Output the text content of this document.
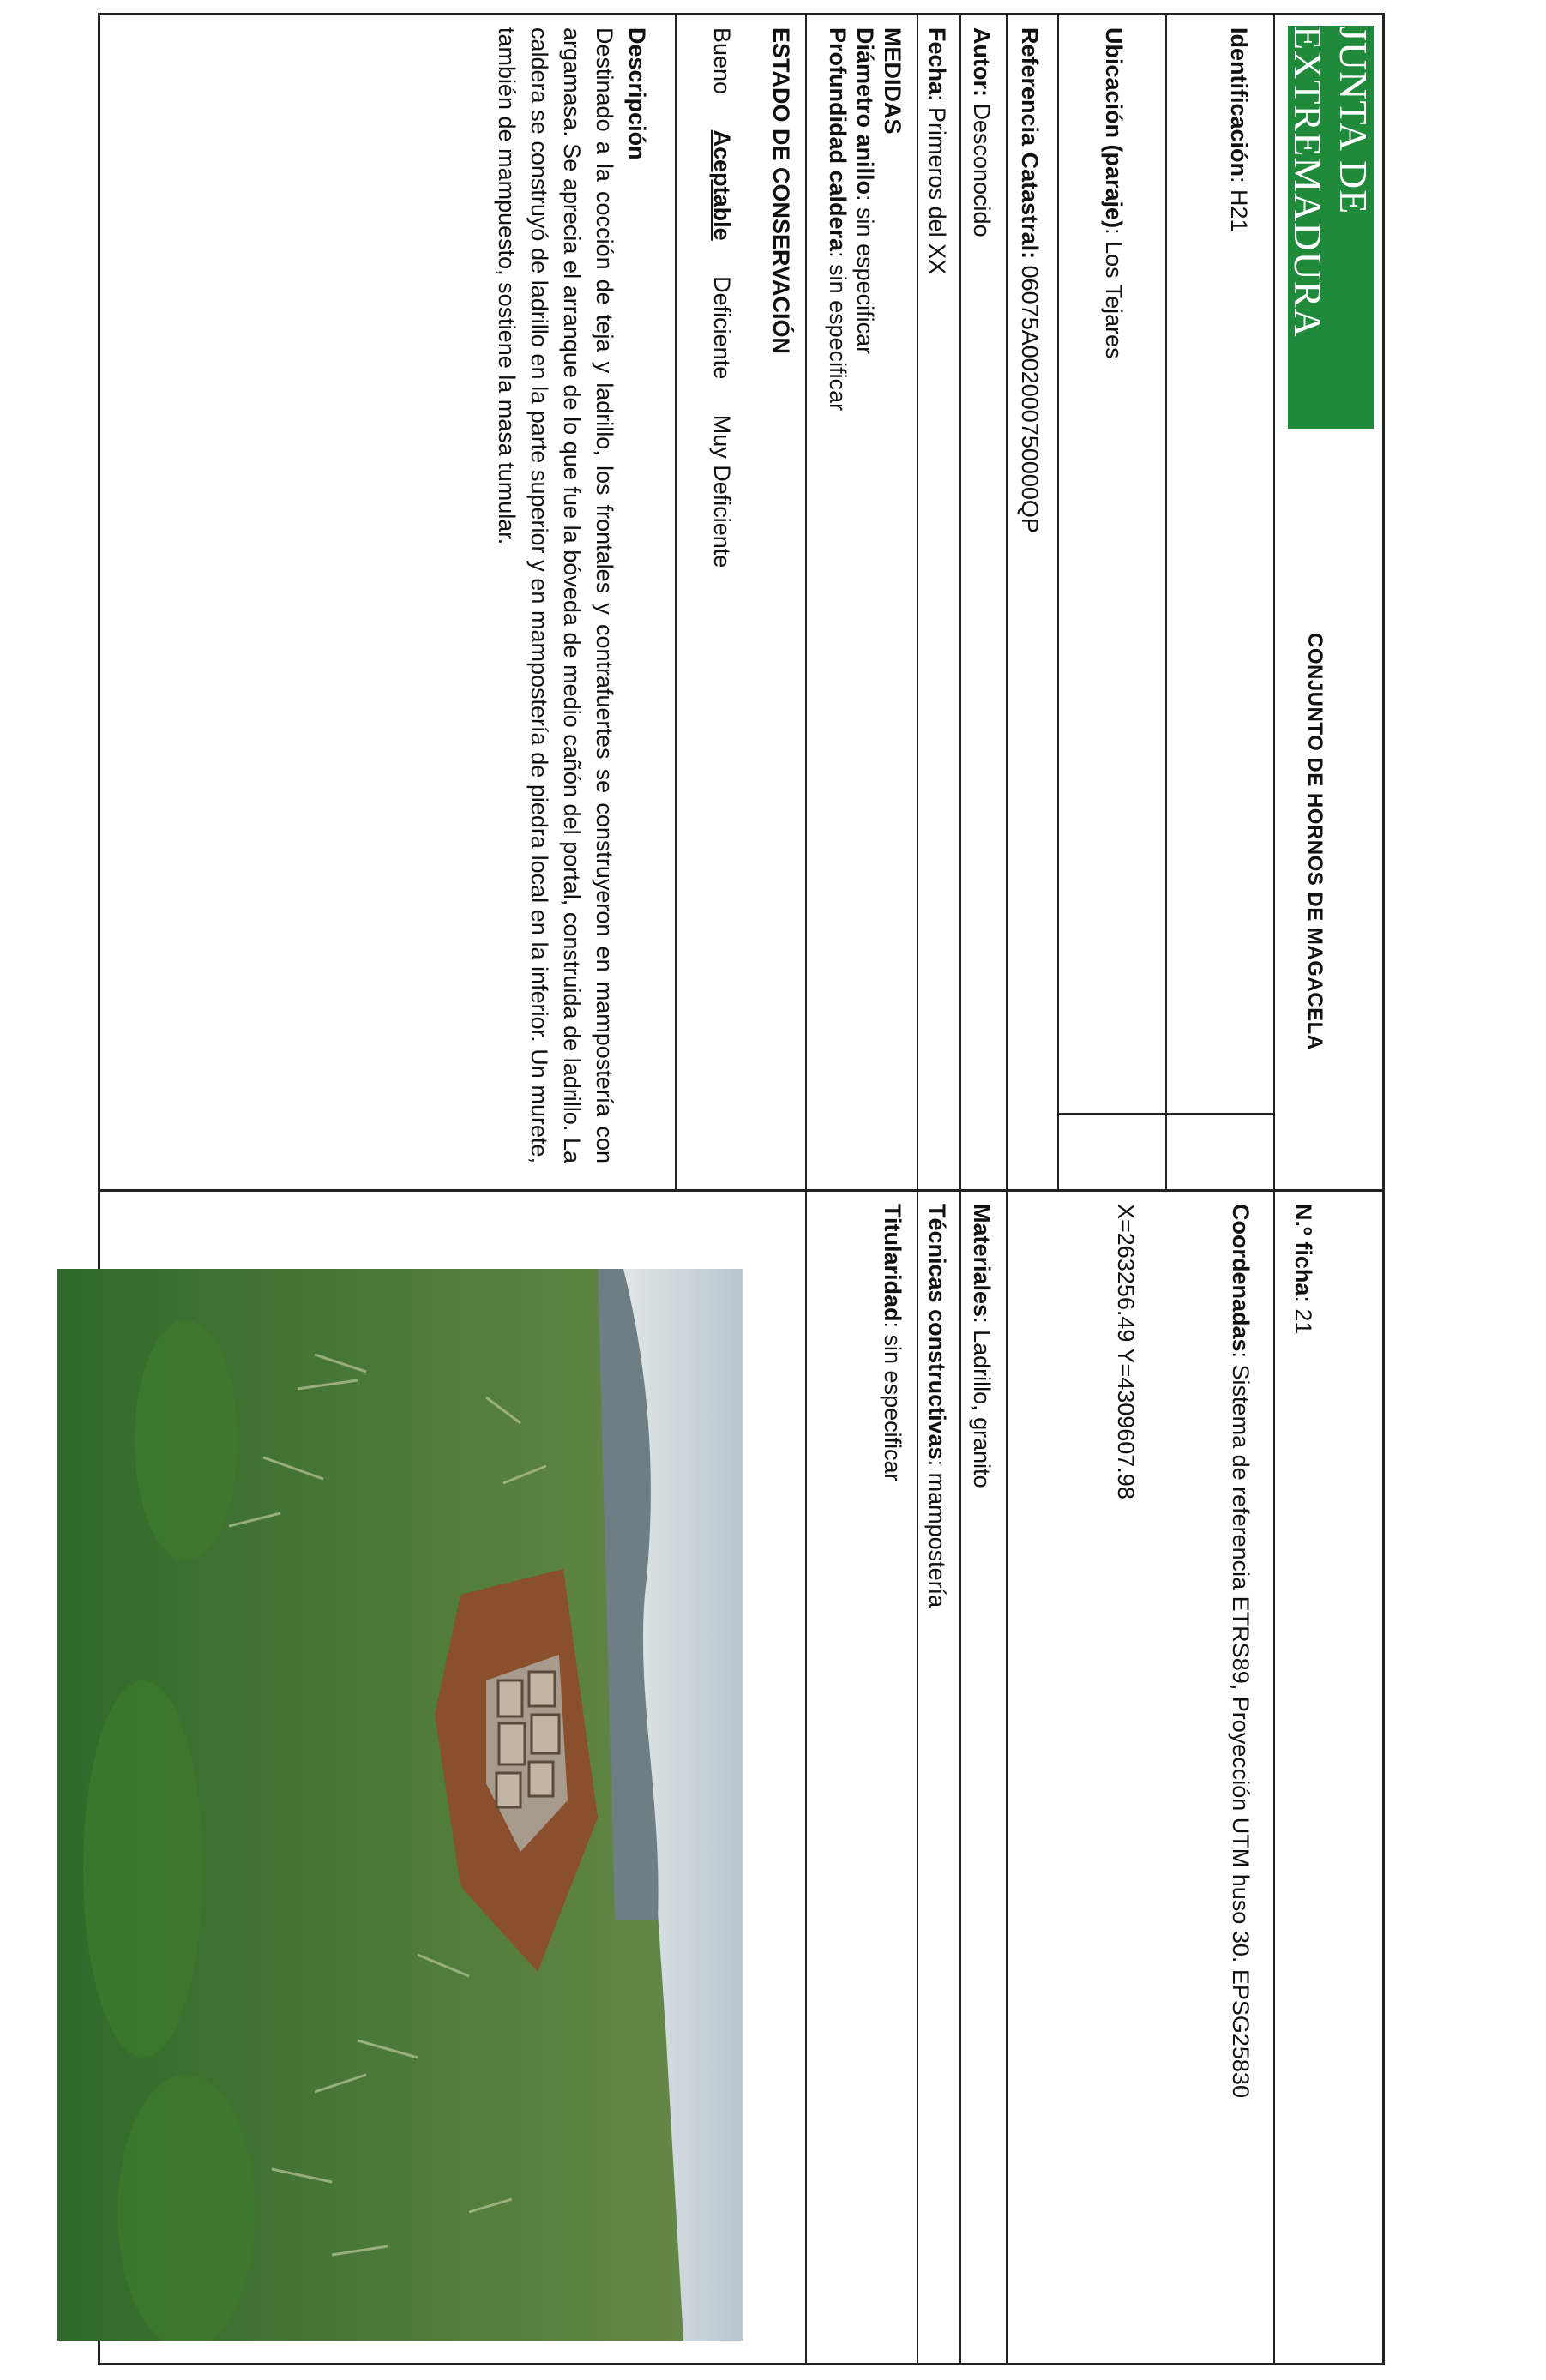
JUNTA DE EXTREMADURA
CONJUNTO DE HORNOS DE MAGACELA
Identificación: H21
Ubicación (paraje): Los Tejares
Referencia Catastral: 06075A002000750000QP
Autor: Desconocido
Fecha: Primeros del XX
MEDIDAS
Diámetro anillo: sin especificar
Profundidad caldera: sin especificar
ESTADO DE CONSERVACIÓN
Bueno Aceptable Deficiente Muy Deficiente
Descripción
Destinado a la cocción de teja y ladrillo, los frontales y contrafuertes se construyeron en mampostería con argamasa. Se aprecia el arranque de lo que fue la bóveda de medio cañón del portal, construida de ladrillo. La caldera se construyó de ladrillo en la parte superior y en mampostería de piedra local en la inferior. Un murete, también de mampuesto, sostiene la masa tumular.
N.º ficha: 21
Coordenadas: Sistema de referencia ETRS89, Proyección UTM huso 30. EPSG25830
X=263256.49 Y=4309607.98
Materiales: Ladrillo, granito
Técnicas constructivas: mampostería
Titularidad: sin especificar
